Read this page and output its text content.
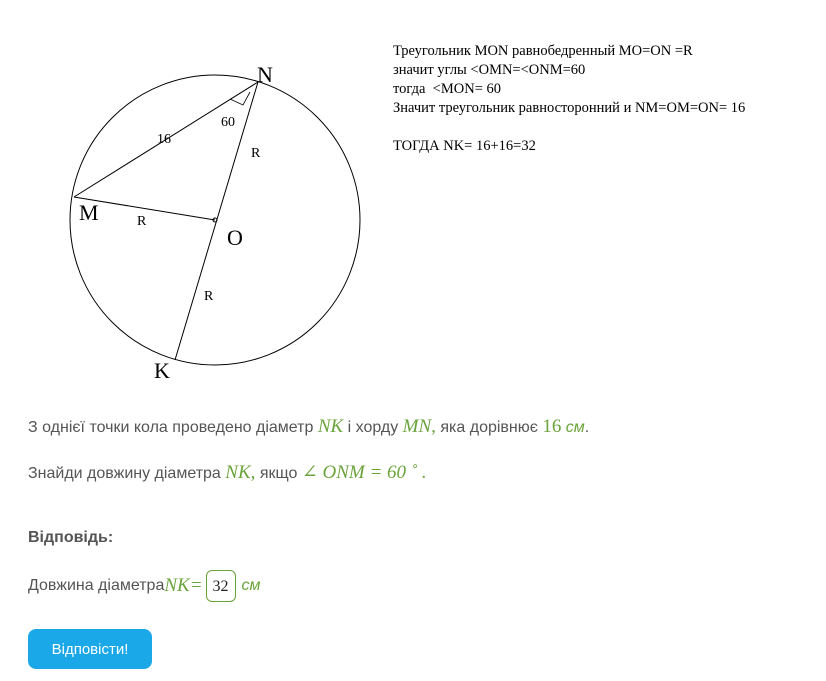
N
M
O
K
16
60
R
R
R
Треугольник MON равнобедренный MO=ON =R
значит углы <OMN=<ONM=60
тогда  <MON= 60
Значит треугольник равносторонний и NM=OM=ON= 16

ТОГДА NK= 16+16=32
З однієї точки кола проведено діаметр NK і хорду MN, яка дорівнює 16 см.
Знайди довжину діаметра NK, якщо ∠ ONM = 60 ˚ .
Відповідь:
Довжина діаметра NK= 32 см
Відповісти!
